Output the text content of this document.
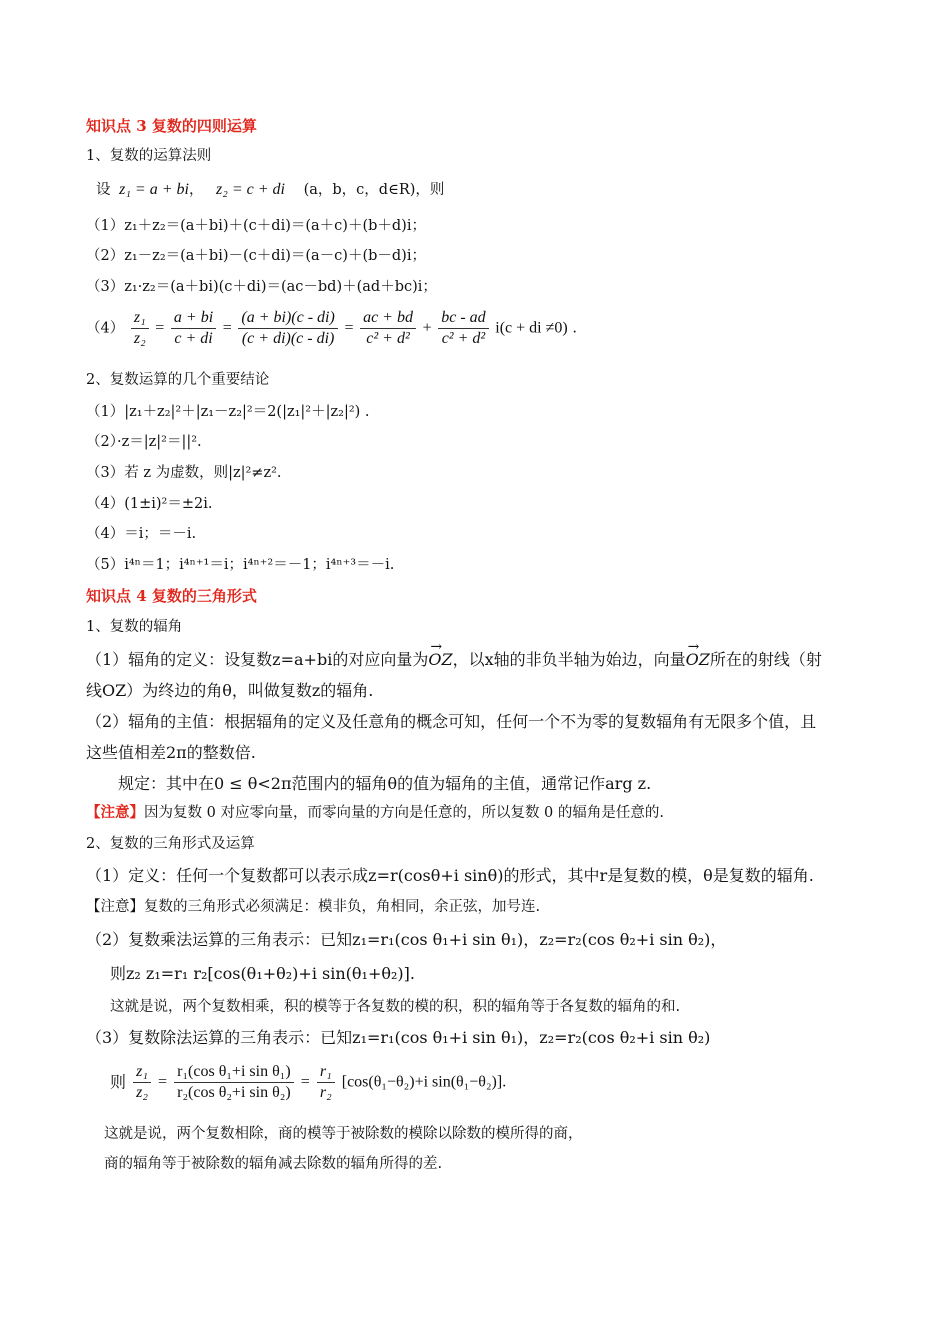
知识点 3 复数的四则运算
1、复数的运算法则
设 z₁ = a + bi， z₂ = c + di (a，b，c，d∈R)，则
（1）z₁＋z₂＝(a＋bi)＋(c＋di)＝(a＋c)＋(b＋d)i；
（2）z₁－z₂＝(a＋bi)－(c＋di)＝(a－c)＋(b－d)i；
（3）z₁·z₂＝(a＋bi)(c＋di)＝(ac－bd)＋(ad＋bc)i；
$(4) \frac{\text{z₁}}{\text{z₂}} = \frac{a + bi}{c + di} = \frac{(a + bi)(c - di)}{(c + di)(c - di)} = \frac{ac + bd}{\text{c² + d²}} + \frac{bc - ad}{\text{c² + d²}} i(c$ + di ≠0) .
2、复数运算的几个重要结论
（1）|z₁＋z₂|²＋|z₁－z₂|²＝2(|z₁|²＋|z₂|²) .
（2）·z＝|z|²＝||².
（3）若 z 为虚数，则|z|²≠z².
（4）(1±i)²＝±2i.
（4）＝i；＝－i.
（5）i⁴ⁿ＝1；i⁴ⁿ⁺¹＝i；i⁴ⁿ⁺²＝－1；i⁴ⁿ⁺³＝－i.
知识点 4 复数的三角形式
1、复数的辐角
（1）辐角的定义：设复数z=a+bi的对应向量为→ OZ，以x轴的非负半轴为始边，向量→ OZ所在的射线（射
线OZ）为终边的角θ，叫做复数z的辐角.
（2）辐角的主值：根据辐角的定义及任意角的概念可知，任何一个不为零的复数辐角有无限多个值，且
这些值相差2π的整数倍.
规定：其中在0 ≤ θ<2π范围内的辐角θ的值为辐角的主值，通常记作arg z.
【注意】因为复数 0 对应零向量，而零向量的方向是任意的，所以复数 0 的辐角是任意的.
2、复数的三角形式及运算
（1）定义：任何一个复数都可以表示成z=r(cosθ+i sinθ)的形式，其中r是复数的模，θ是复数的辐角.
【注意】复数的三角形式必须满足：模非负，角相同，余正弦，加号连.
（2）复数乘法运算的三角表示：已知z₁=r₁(cos θ₁+i sin θ₁)，z₂=r₂(cos θ₂+i sin θ₂)，
则z₂ z₁=r₁ r₂[cos(θ₁+θ₂)+i sin(θ₁+θ₂)].
这就是说，两个复数相乘，积的模等于各复数的模的积，积的辐角等于各复数的辐角的和.
（3）复数除法运算的三角表示：已知z₁=r₁(cos θ₁+i sin θ₁)，z₂=r₂(cos θ₂+i sin θ₂)
则 $\frac{\text{z₁}}{\text{z₂}} = \frac{\text{r₁(cos θ₁+i sin θ₁)}}{\text{r₂(cos θ₂+i sin θ₂)}} = \frac{\text{r₁}}{\text{r₂}} [\cos(\theta_1-\theta_2)+i$ sin(θ₁−θ₂)].
这就是说，两个复数相除，商的模等于被除数的模除以除数的模所得的商，
商的辐角等于被除数的辐角减去除数的辐角所得的差.
